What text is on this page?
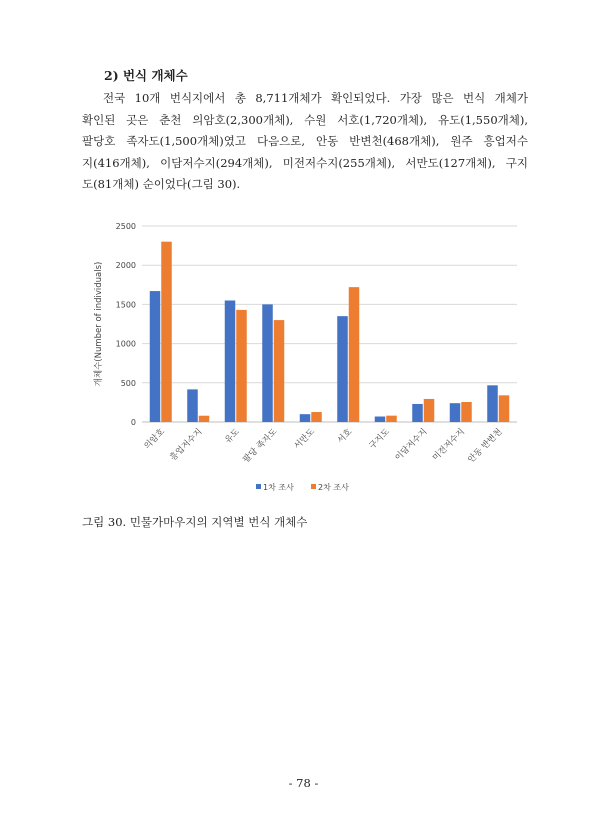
2) 번식 개체수
전국 10개 번식지에서 총 8,711개체가 확인되었다. 가장 많은 번식 개체가
확인된 곳은 춘천 의암호(2,300개체), 수원 서호(1,720개체), 유도(1,550개체),
팔당호 족자도(1,500개체)였고 다음으로, 안동 반변천(468개체), 원주 흥업저수
지(416개체), 이담저수지(294개체), 미전저수지(255개체), 서만도(127개체), 구지
도(81개체) 순이었다(그림 30).
0
500
1000
1500
2000
2500
개체수(Number of individuals)
의암호 흥업저수지 유도 팔당 족자도 서만도 서호 구지도 이담저수지 미전저수지 안동 반변천
1차 조사	2차 조사
그림 30. 민물가마우지의 지역별 번식 개체수
- 78 -
